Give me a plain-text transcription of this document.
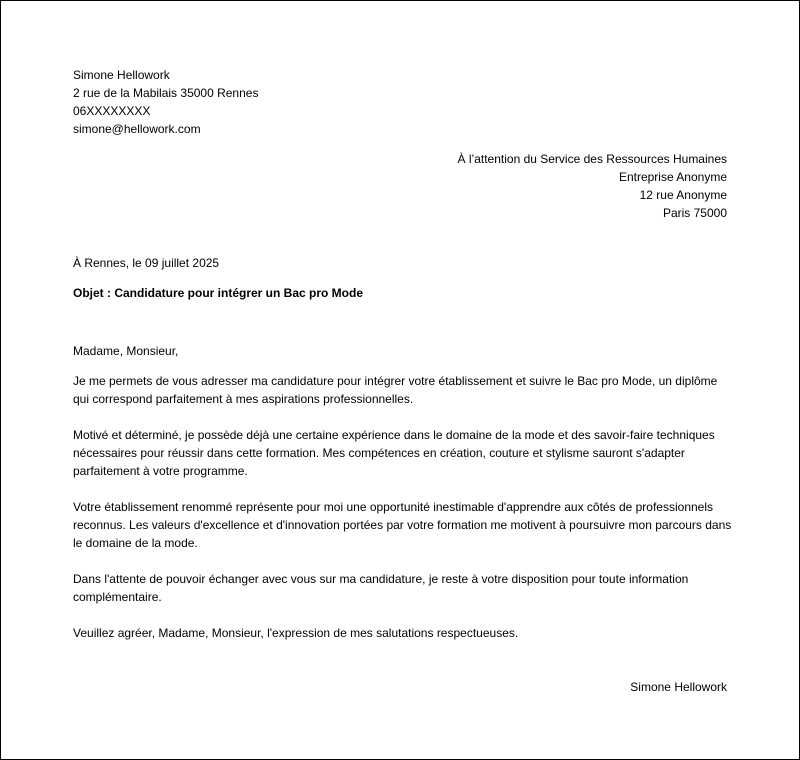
Simone Hellowork
2 rue de la Mabilais 35000 Rennes
06XXXXXXXX
simone@hellowork.com
À l’attention du Service des Ressources Humaines
Entreprise Anonyme
12 rue Anonyme
Paris 75000
À Rennes, le 09 juillet 2025
Objet : Candidature pour intégrer un Bac pro Mode

Madame, Monsieur,

Je me permets de vous adresser ma candidature pour intégrer votre établissement et suivre le Bac pro Mode, un diplôme qui correspond parfaitement à mes aspirations professionnelles.

Motivé et déterminé, je possède déjà une certaine expérience dans le domaine de la mode et des savoir-faire techniques nécessaires pour réussir dans cette formation. Mes compétences en création, couture et stylisme sauront s'adapter parfaitement à votre programme.

Votre établissement renommé représente pour moi une opportunité inestimable d'apprendre aux côtés de professionnels reconnus. Les valeurs d'excellence et d'innovation portées par votre formation me motivent à poursuivre mon parcours dans le domaine de la mode.

Dans l'attente de pouvoir échanger avec vous sur ma candidature, je reste à votre disposition pour toute information complémentaire.

Veuillez agréer, Madame, Monsieur, l'expression de mes salutations respectueuses.

Simone Hellowork
